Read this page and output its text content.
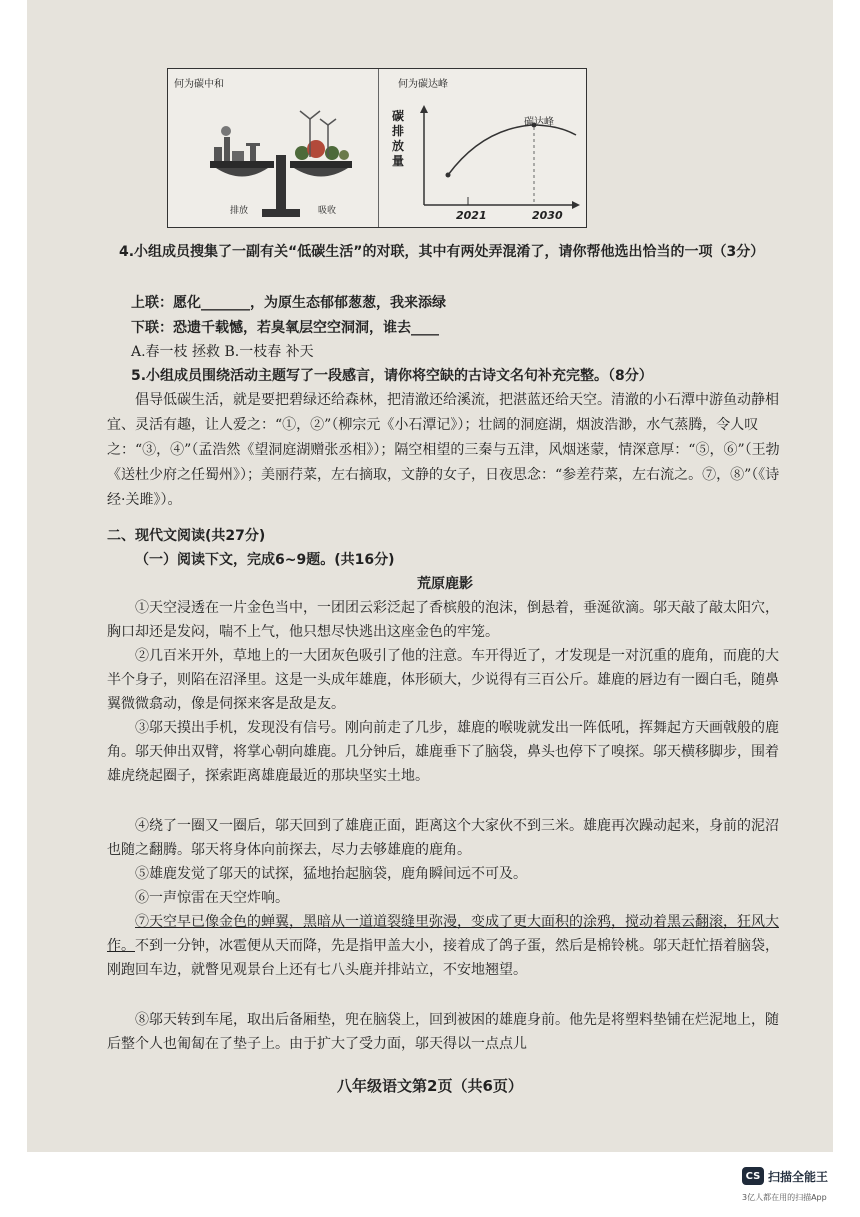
何为碳中和	何为碳达峰
排放	吸收
碳排放量
碳达峰
2021	2030

4.小组成员搜集了一副有关“低碳生活”的对联，其中有两处弄混淆了，请你帮他选出恰当的一项（3分）

上联：愿化_______，为原生态郁郁葱葱，我来添绿

下联：恐遗千载憾，若臭氧层空空洞洞，谁去____

A.春一枝 拯救 B.一枝春 补天

5.小组成员围绕活动主题写了一段感言，请你将空缺的古诗文名句补充完整。（8分）

倡导低碳生活，就是要把碧绿还给森林，把清澈还给溪流，把湛蓝还给天空。清澈的小石潭中游鱼动静相宜、灵活有趣，让人爱之：“①，②”（柳宗元《小石潭记》）；壮阔的洞庭湖，烟波浩渺，水气蒸腾，令人叹之：“③，④”（孟浩然《望洞庭湖赠张丞相》）；隔空相望的三秦与五津，风烟迷蒙，情深意厚：“⑤，⑥”（王勃《送杜少府之任蜀州》）；美丽荇菜，左右摘取，文静的女子，日夜思念：“参差荇菜，左右流之。⑦，⑧”（《诗经·关雎》）。

二、现代文阅读(共27分)

（一）阅读下文，完成6~9题。(共16分)

荒原鹿影

①天空浸透在一片金色当中，一团团云彩泛起了香槟般的泡沫，倒悬着，垂涎欲滴。邬天敲了敲太阳穴，胸口却还是发闷，喘不上气，他只想尽快逃出这座金色的牢笼。

②几百米开外，草地上的一大团灰色吸引了他的注意。车开得近了，才发现是一对沉重的鹿角，而鹿的大半个身子，则陷在沼泽里。这是一头成年雄鹿，体形硕大，少说得有三百公斤。雄鹿的唇边有一圈白毛，随鼻翼微微翕动，像是伺探来客是敌是友。

③邬天摸出手机，发现没有信号。刚向前走了几步，雄鹿的喉咙就发出一阵低吼，挥舞起方天画戟般的鹿角。邬天伸出双臂，将掌心朝向雄鹿。几分钟后，雄鹿垂下了脑袋，鼻头也停下了嗅探。邬天横移脚步，围着雄虎绕起圈子，探索距离雄鹿最近的那块坚实土地。

④绕了一圈又一圈后，邬天回到了雄鹿正面，距离这个大家伙不到三米。雄鹿再次躁动起来，身前的泥沼也随之翻腾。邬天将身体向前探去，尽力去够雄鹿的鹿角。

⑤雄鹿发觉了邬天的试探，猛地抬起脑袋，鹿角瞬间远不可及。

⑥一声惊雷在天空炸响。

⑦天空早已像金色的蝉翼，黑暗从一道道裂缝里弥漫，变成了更大面积的涂鸦，搅动着黑云翻滚，狂风大作。不到一分钟，冰雹便从天而降，先是指甲盖大小，接着成了鸽子蛋，然后是棉铃桃。邬天赶忙捂着脑袋，刚跑回车边，就瞥见观景台上还有七八头鹿并排站立，不安地翘望。

⑧邬天转到车尾，取出后备厢垫，兜在脑袋上，回到被困的雄鹿身前。他先是将塑料垫铺在烂泥地上，随后整个人也匍匐在了垫子上。由于扩大了受力面，邬天得以一点点儿

八年级语文第2页（共6页）
CS 扫描全能王
3亿人都在用的扫描App
